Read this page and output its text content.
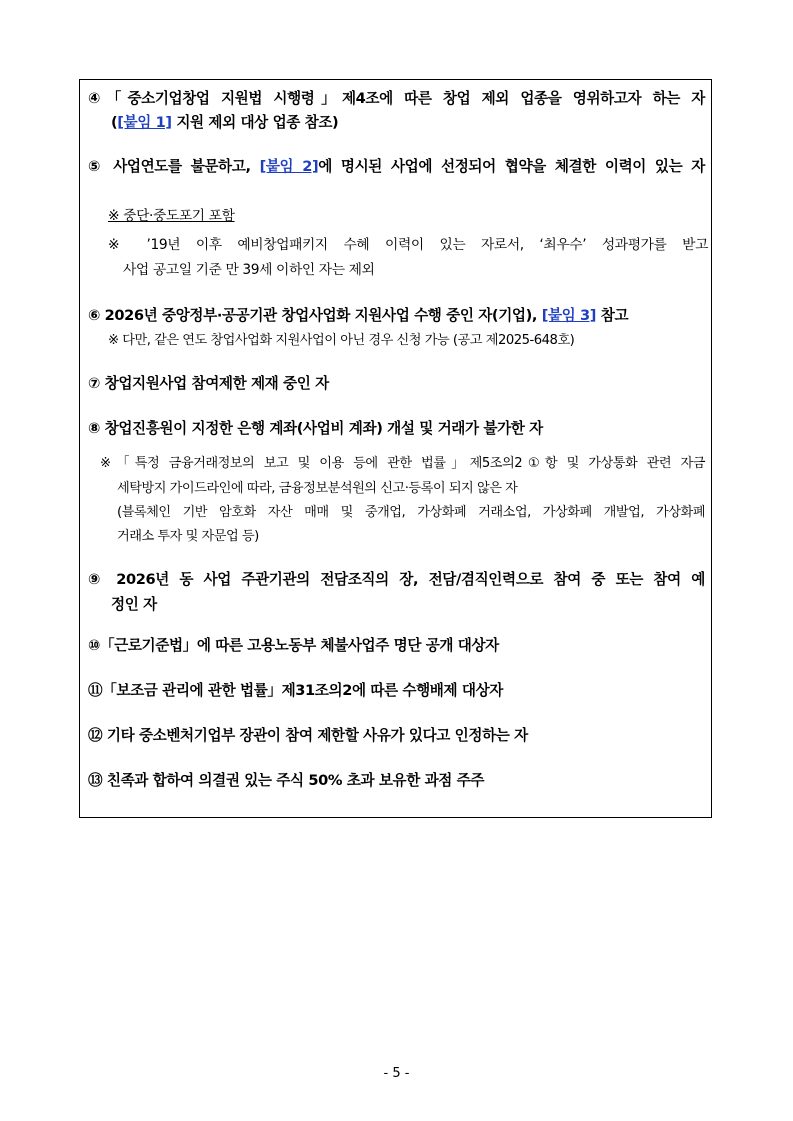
④「중소기업창업 지원법 시행령」제4조에 따른 창업 제외 업종을 영위하고자 하는 자
([붙임 1] 지원 제외 대상 업종 참조)
⑤ 사업연도를 불문하고, [붙임 2]에 명시된 사업에 선정되어 협약을 체결한 이력이 있는 자
※ 중단·중도포기 포함
※ ’19년 이후 예비창업패키지 수혜 이력이 있는 자로서, ‘최우수’ 성과평가를 받고
사업 공고일 기준 만 39세 이하인 자는 제외
⑥ 2026년 중앙정부·공공기관 창업사업화 지원사업 수행 중인 자(기업), [붙임 3] 참고
※ 다만, 같은 연도 창업사업화 지원사업이 아닌 경우 신청 가능 (공고 제2025-648호)
⑦ 창업지원사업 참여제한 제재 중인 자
⑧ 창업진흥원이 지정한 은행 계좌(사업비 계좌) 개설 및 거래가 불가한 자
※「특정 금융거래정보의 보고 및 이용 등에 관한 법률」제5조의2①항 및 가상통화 관련 자금
세탁방지 가이드라인에 따라, 금융정보분석원의 신고·등록이 되지 않은 자
(블록체인 기반 암호화 자산 매매 및 중개업, 가상화폐 거래소업, 가상화폐 개발업, 가상화폐
거래소 투자 및 자문업 등)
⑨ 2026년 동 사업 주관기관의 전담조직의 장, 전담/겸직인력으로 참여 중 또는 참여 예
정인 자
⑩「근로기준법」에 따른 고용노동부 체불사업주 명단 공개 대상자
⑪「보조금 관리에 관한 법률」제31조의2에 따른 수행배제 대상자
⑫ 기타 중소벤처기업부 장관이 참여 제한할 사유가 있다고 인정하는 자
⑬ 친족과 합하여 의결권 있는 주식 50% 초과 보유한 과점 주주
- 5 -
